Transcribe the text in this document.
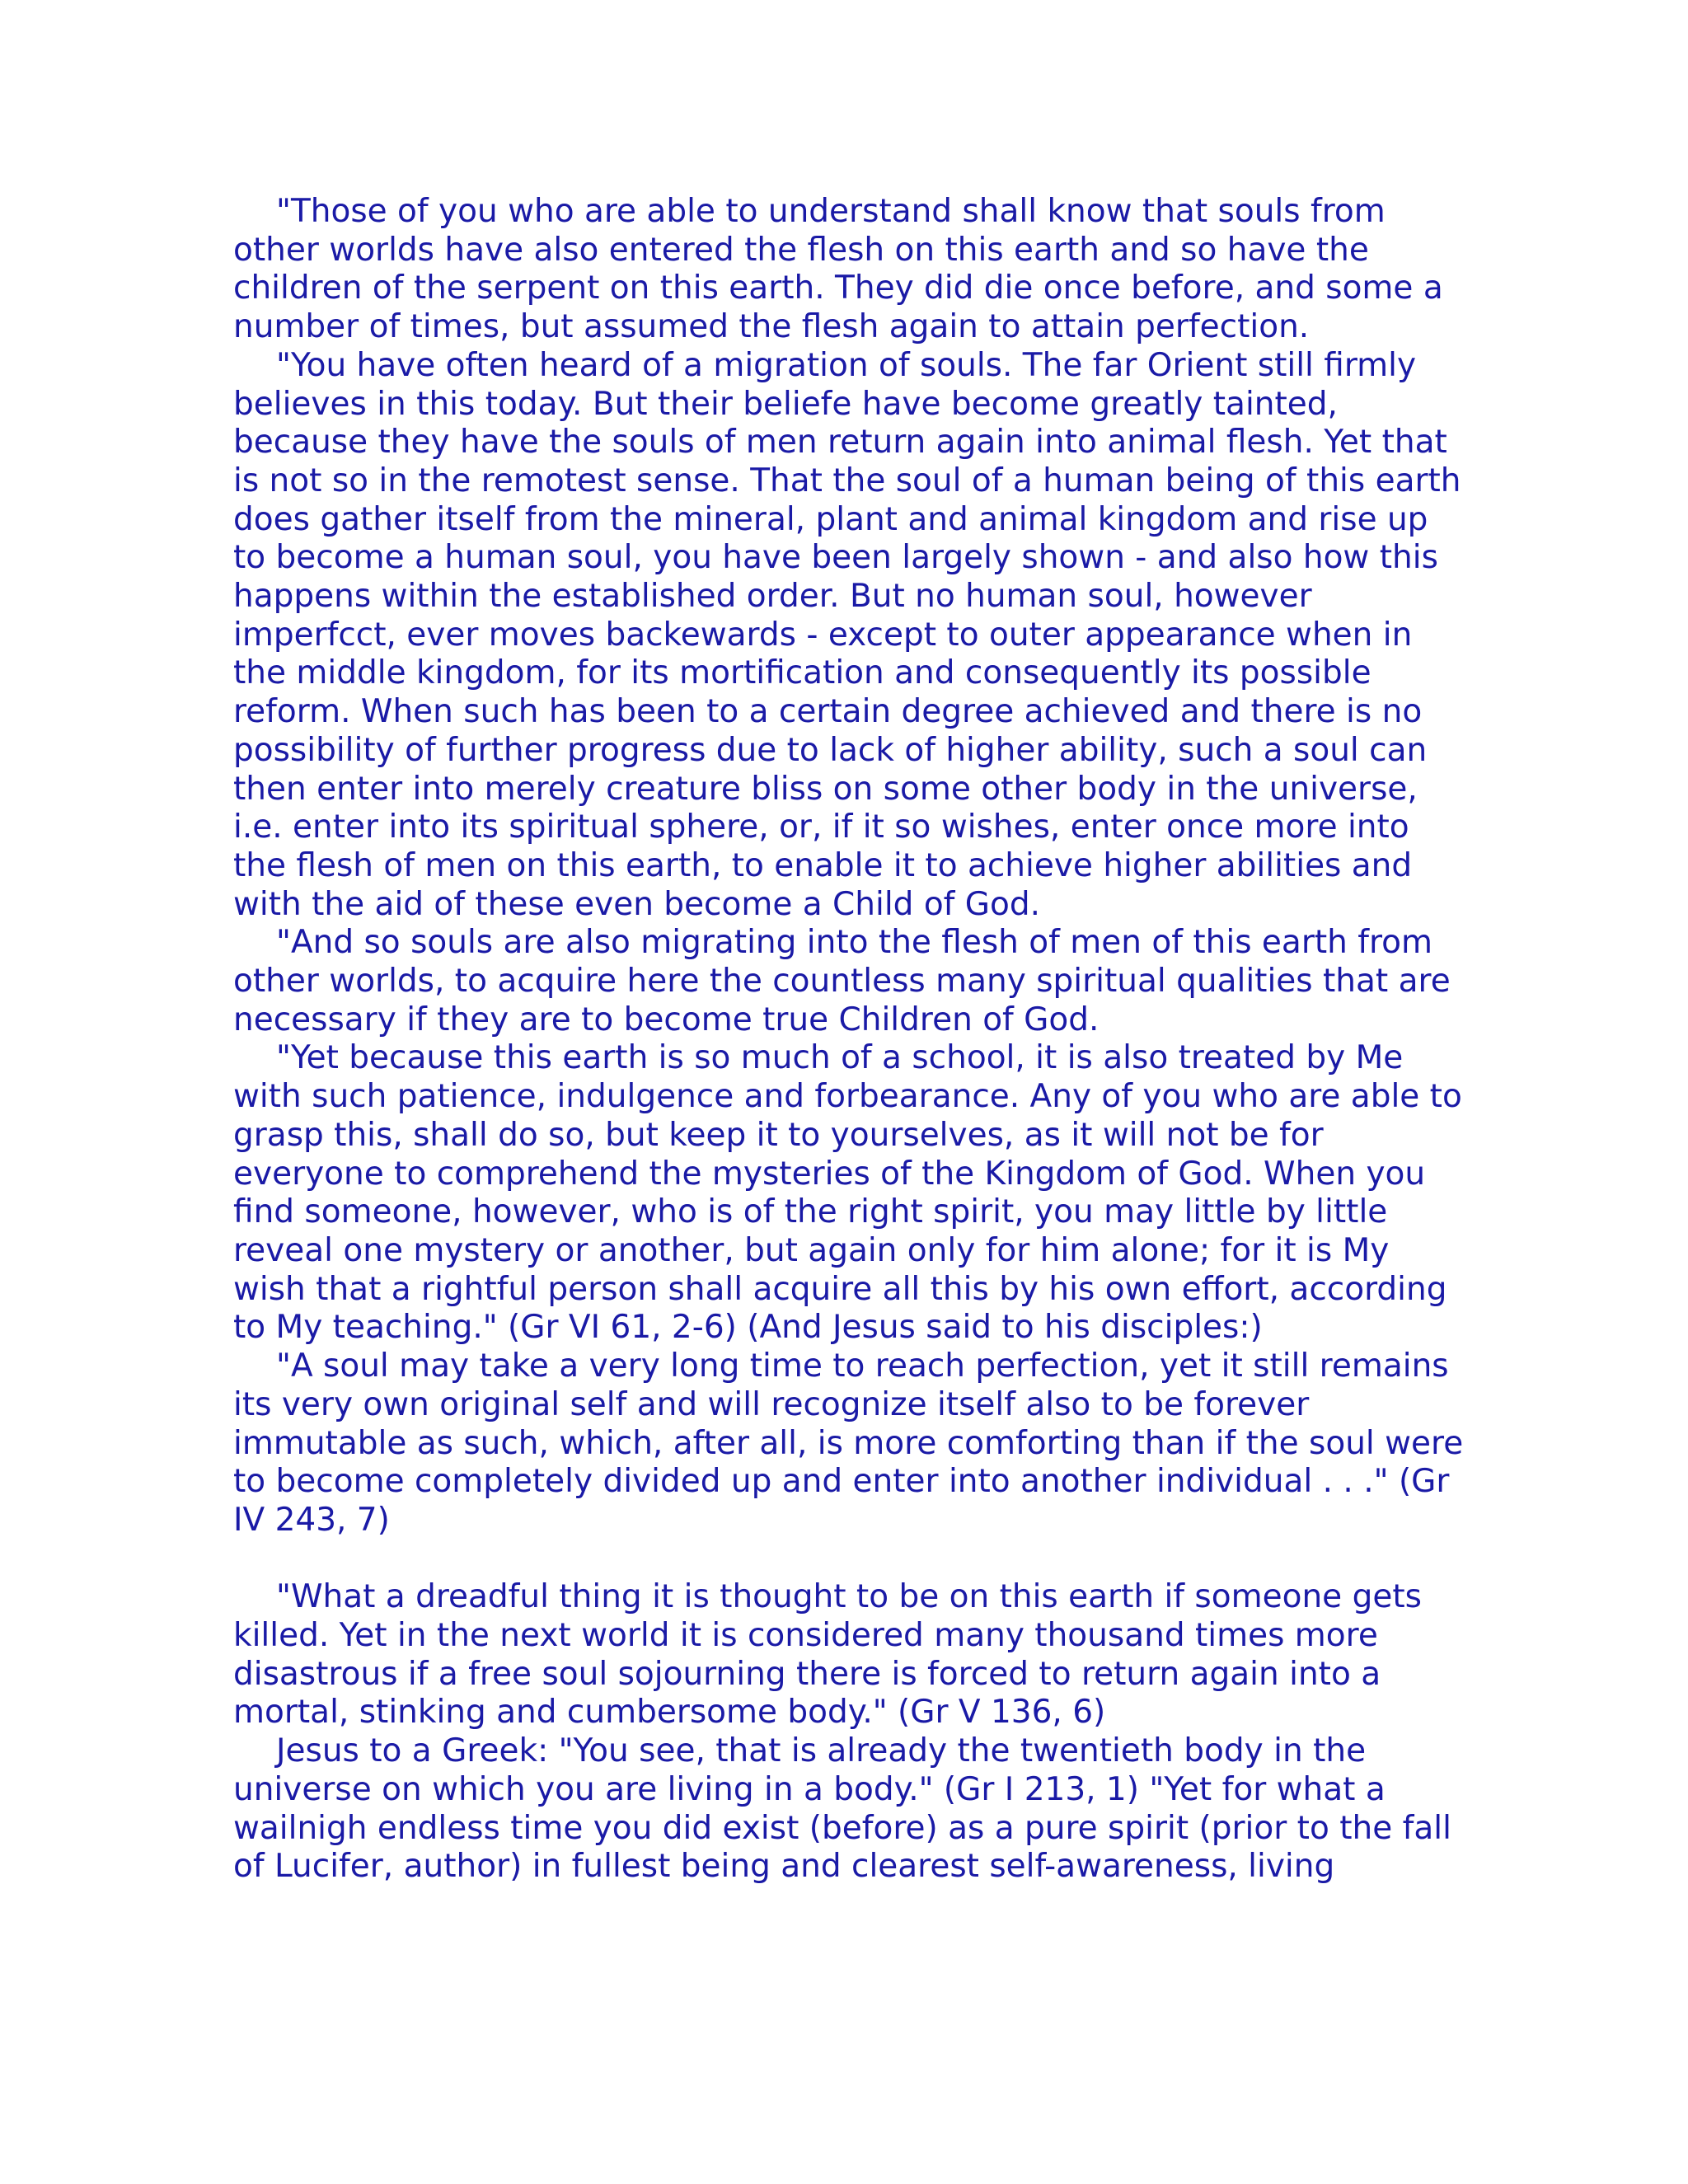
"Those of you who are able to understand shall know that souls from other worlds have also entered the flesh on this earth and so have the children of the serpent on this earth. They did die once before, and some a number of times, but assumed the flesh again to attain perfection.

"You have often heard of a migration of souls. The far Orient still firmly believes in this today. But their beliefe have become greatly tainted, because they have the souls of men return again into animal flesh. Yet that is not so in the remotest sense. That the soul of a human being of this earth does gather itself from the mineral, plant and animal kingdom and rise up to become a human soul, you have been largely shown - and also how this happens within the established order. But no human soul, however imperfcct, ever moves backewards - except to outer appearance when in the middle kingdom, for its mortification and consequently its possible reform. When such has been to a certain degree achieved and there is no possibility of further progress due to lack of higher ability, such a soul can then enter into merely creature bliss on some other body in the universe, i.e. enter into its spiritual sphere, or, if it so wishes, enter once more into the flesh of men on this earth, to enable it to achieve higher abilities and with the aid of these even become a Child of God.

"And so souls are also migrating into the flesh of men of this earth from other worlds, to acquire here the countless many spiritual qualities that are necessary if they are to become true Children of God.

"Yet because this earth is so much of a school, it is also treated by Me with such patience, indulgence and forbearance. Any of you who are able to grasp this, shall do so, but keep it to yourselves, as it will not be for everyone to comprehend the mysteries of the Kingdom of God. When you find someone, however, who is of the right spirit, you may little by little reveal one mystery or another, but again only for him alone; for it is My wish that a rightful person shall acquire all this by his own effort, according to My teaching." (Gr VI 61, 2-6) (And Jesus said to his disciples:)

"A soul may take a very long time to reach perfection, yet it still remains its very own original self and will recognize itself also to be forever immutable as such, which, after all, is more comforting than if the soul were to become completely divided up and enter into another individual . . ." (Gr IV 243, 7)

"What a dreadful thing it is thought to be on this earth if someone gets killed. Yet in the next world it is considered many thousand times more disastrous if a free soul sojourning there is forced to return again into a mortal, stinking and cumbersome body." (Gr V 136, 6)

Jesus to a Greek: "You see, that is already the twentieth body in the universe on which you are living in a body." (Gr I 213, 1) "Yet for what a wailnigh endless time you did exist (before) as a pure spirit (prior to the fall of Lucifer, author) in fullest being and clearest self-awareness, living
